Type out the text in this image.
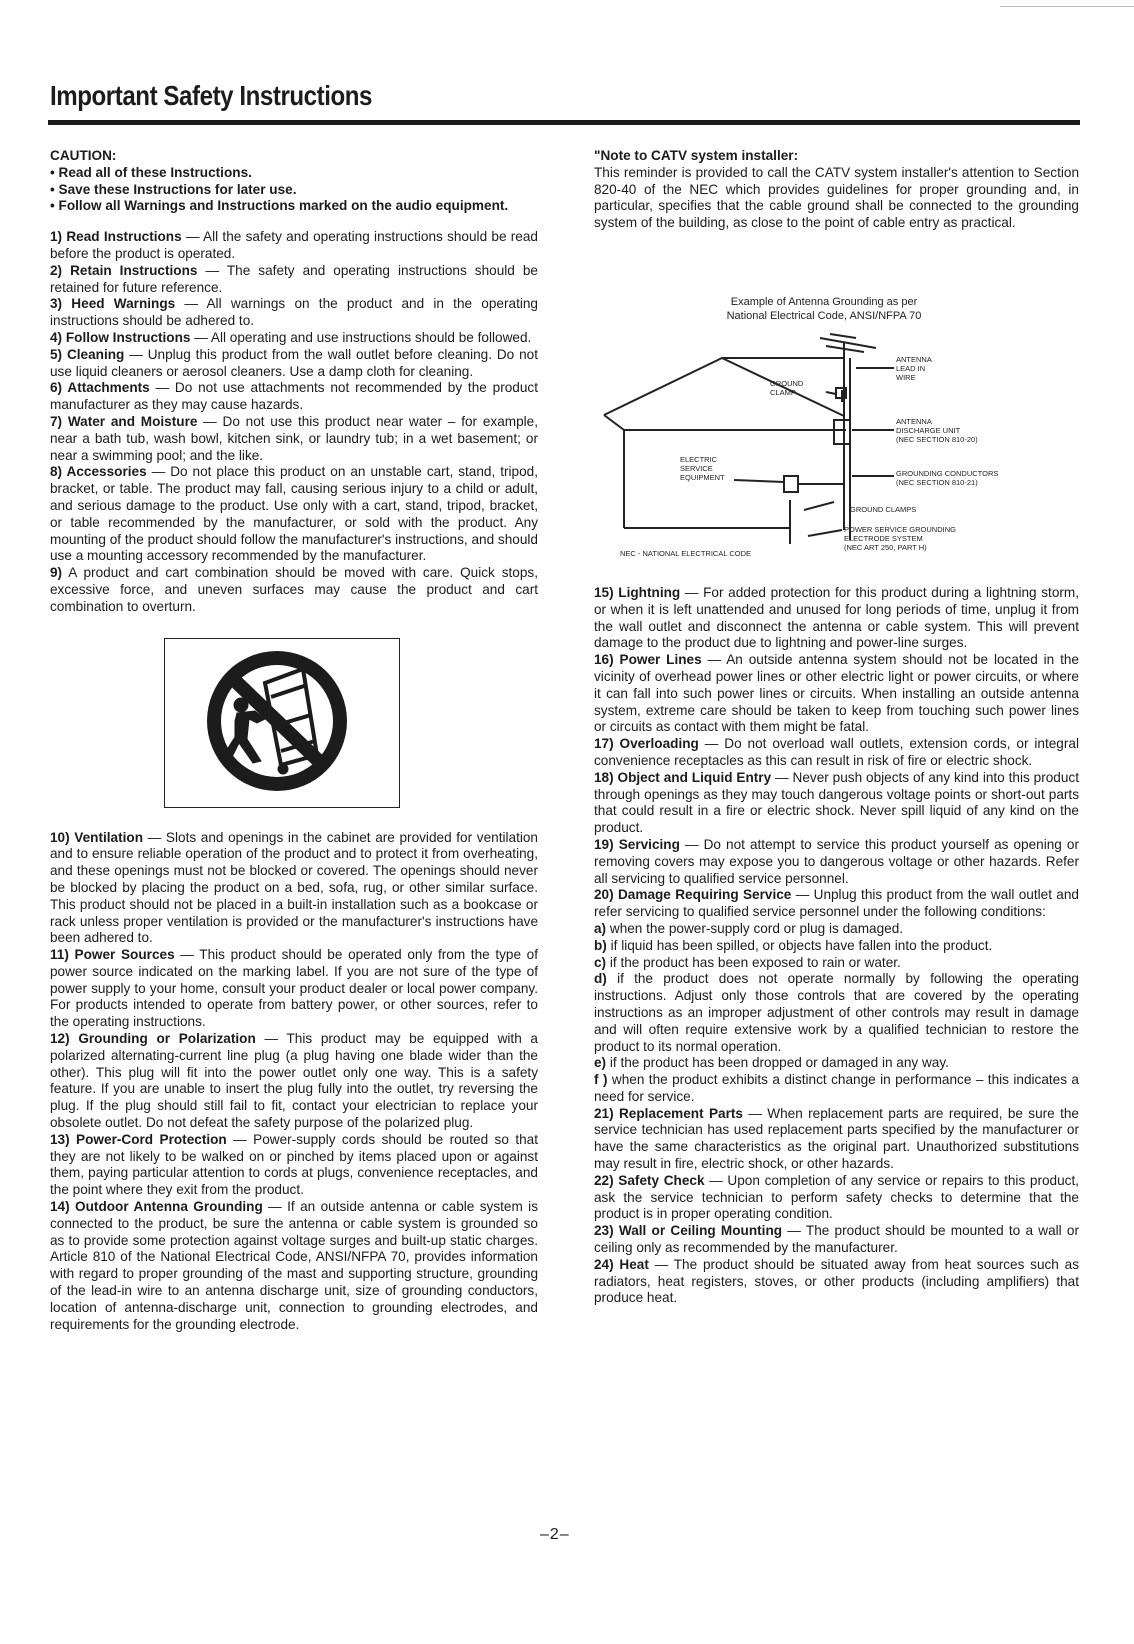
Important Safety Instructions
CAUTION:
• Read all of these Instructions.
• Save these Instructions for later use.
• Follow all Warnings and Instructions marked on the audio equipment.

1) Read Instructions — All the safety and operating instructions should be read before the product is operated.

2) Retain Instructions — The safety and operating instructions should be retained for future reference.

3) Heed Warnings — All warnings on the product and in the operating instructions should be adhered to.

4) Follow Instructions — All operating and use instructions should be followed.

5) Cleaning — Unplug this product from the wall outlet before cleaning. Do not use liquid cleaners or aerosol cleaners. Use a damp cloth for cleaning.

6) Attachments — Do not use attachments not recommended by the product manufacturer as they may cause hazards.

7) Water and Moisture — Do not use this product near water – for example, near a bath tub, wash bowl, kitchen sink, or laundry tub; in a wet basement; or near a swimming pool; and the like.

8) Accessories — Do not place this product on an unstable cart, stand, tripod, bracket, or table. The product may fall, causing serious injury to a child or adult, and serious damage to the product. Use only with a cart, stand, tripod, bracket, or table recommended by the manufacturer, or sold with the product. Any mounting of the product should follow the manufacturer's instructions, and should use a mounting accessory recommended by the manufacturer.

9) A product and cart combination should be moved with care. Quick stops, excessive force, and uneven surfaces may cause the product and cart combination to overturn.

10) Ventilation — Slots and openings in the cabinet are provided for ventilation and to ensure reliable operation of the product and to protect it from overheating, and these openings must not be blocked or covered. The openings should never be blocked by placing the product on a bed, sofa, rug, or other similar surface. This product should not be placed in a built-in installation such as a bookcase or rack unless proper ventilation is provided or the manufacturer's instructions have been adhered to.

11) Power Sources — This product should be operated only from the type of power source indicated on the marking label. If you are not sure of the type of power supply to your home, consult your product dealer or local power company. For products intended to operate from battery power, or other sources, refer to the operating instructions.

12) Grounding or Polarization — This product may be equipped with a polarized alternating-current line plug (a plug having one blade wider than the other). This plug will fit into the power outlet only one way. This is a safety feature. If you are unable to insert the plug fully into the outlet, try reversing the plug. If the plug should still fail to fit, contact your electrician to replace your obsolete outlet. Do not defeat the safety purpose of the polarized plug.

13) Power-Cord Protection — Power-supply cords should be routed so that they are not likely to be walked on or pinched by items placed upon or against them, paying particular attention to cords at plugs, convenience receptacles, and the point where they exit from the product.

14) Outdoor Antenna Grounding — If an outside antenna or cable system is connected to the product, be sure the antenna or cable system is grounded so as to provide some protection against voltage surges and built-up static charges. Article 810 of the National Electrical Code, ANSI/NFPA 70, provides information with regard to proper grounding of the mast and supporting structure, grounding of the lead-in wire to an antenna discharge unit, size of grounding conductors, location of antenna-discharge unit, connection to grounding electrodes, and requirements for the grounding electrode.

"Note to CATV system installer:
This reminder is provided to call the CATV system installer's attention to Section 820-40 of the NEC which provides guidelines for proper grounding and, in particular, specifies that the cable ground shall be connected to the grounding system of the building, as close to the point of cable entry as practical.
Example of Antenna Grounding as per
National Electrical Code, ANSI/NFPA 70
ANTENNA
LEAD IN
WIRE
GROUND
CLAMP
ANTENNA
DISCHARGE UNIT
(NEC SECTION 810-20)
ELECTRIC
SERVICE
EQUIPMENT	GROUNDING CONDUCTORS
(NEC SECTION 810-21)
GROUND CLAMPS
POWER SERVICE GROUNDING
ELECTRODE SYSTEM
(NEC ART 250, PART H)
NEC - NATIONAL ELECTRICAL CODE

15) Lightning — For added protection for this product during a lightning storm, or when it is left unattended and unused for long periods of time, unplug it from the wall outlet and disconnect the antenna or cable system. This will prevent damage to the product due to lightning and power-line surges.

16) Power Lines — An outside antenna system should not be located in the vicinity of overhead power lines or other electric light or power circuits, or where it can fall into such power lines or circuits. When installing an outside antenna system, extreme care should be taken to keep from touching such power lines or circuits as contact with them might be fatal.

17) Overloading — Do not overload wall outlets, extension cords, or integral convenience receptacles as this can result in risk of fire or electric shock.

18) Object and Liquid Entry — Never push objects of any kind into this product through openings as they may touch dangerous voltage points or short-out parts that could result in a fire or electric shock. Never spill liquid of any kind on the product.

19) Servicing — Do not attempt to service this product yourself as opening or removing covers may expose you to dangerous voltage or other hazards. Refer all servicing to qualified service personnel.

20) Damage Requiring Service — Unplug this product from the wall outlet and refer servicing to qualified service personnel under the following conditions:

a) when the power-supply cord or plug is damaged.

b) if liquid has been spilled, or objects have fallen into the product.

c) if the product has been exposed to rain or water.

d) if the product does not operate normally by following the operating instructions. Adjust only those controls that are covered by the operating instructions as an improper adjustment of other controls may result in damage and will often require extensive work by a qualified technician to restore the product to its normal operation.

e) if the product has been dropped or damaged in any way.

f ) when the product exhibits a distinct change in performance – this indicates a need for service.

21) Replacement Parts — When replacement parts are required, be sure the service technician has used replacement parts specified by the manufacturer or have the same characteristics as the original part. Unauthorized substitutions may result in fire, electric shock, or other hazards.

22) Safety Check — Upon completion of any service or repairs to this product, ask the service technician to perform safety checks to determine that the product is in proper operating condition.

23) Wall or Ceiling Mounting — The product should be mounted to a wall or ceiling only as recommended by the manufacturer.

24) Heat — The product should be situated away from heat sources such as radiators, heat registers, stoves, or other products (including amplifiers) that produce heat.

–2–
